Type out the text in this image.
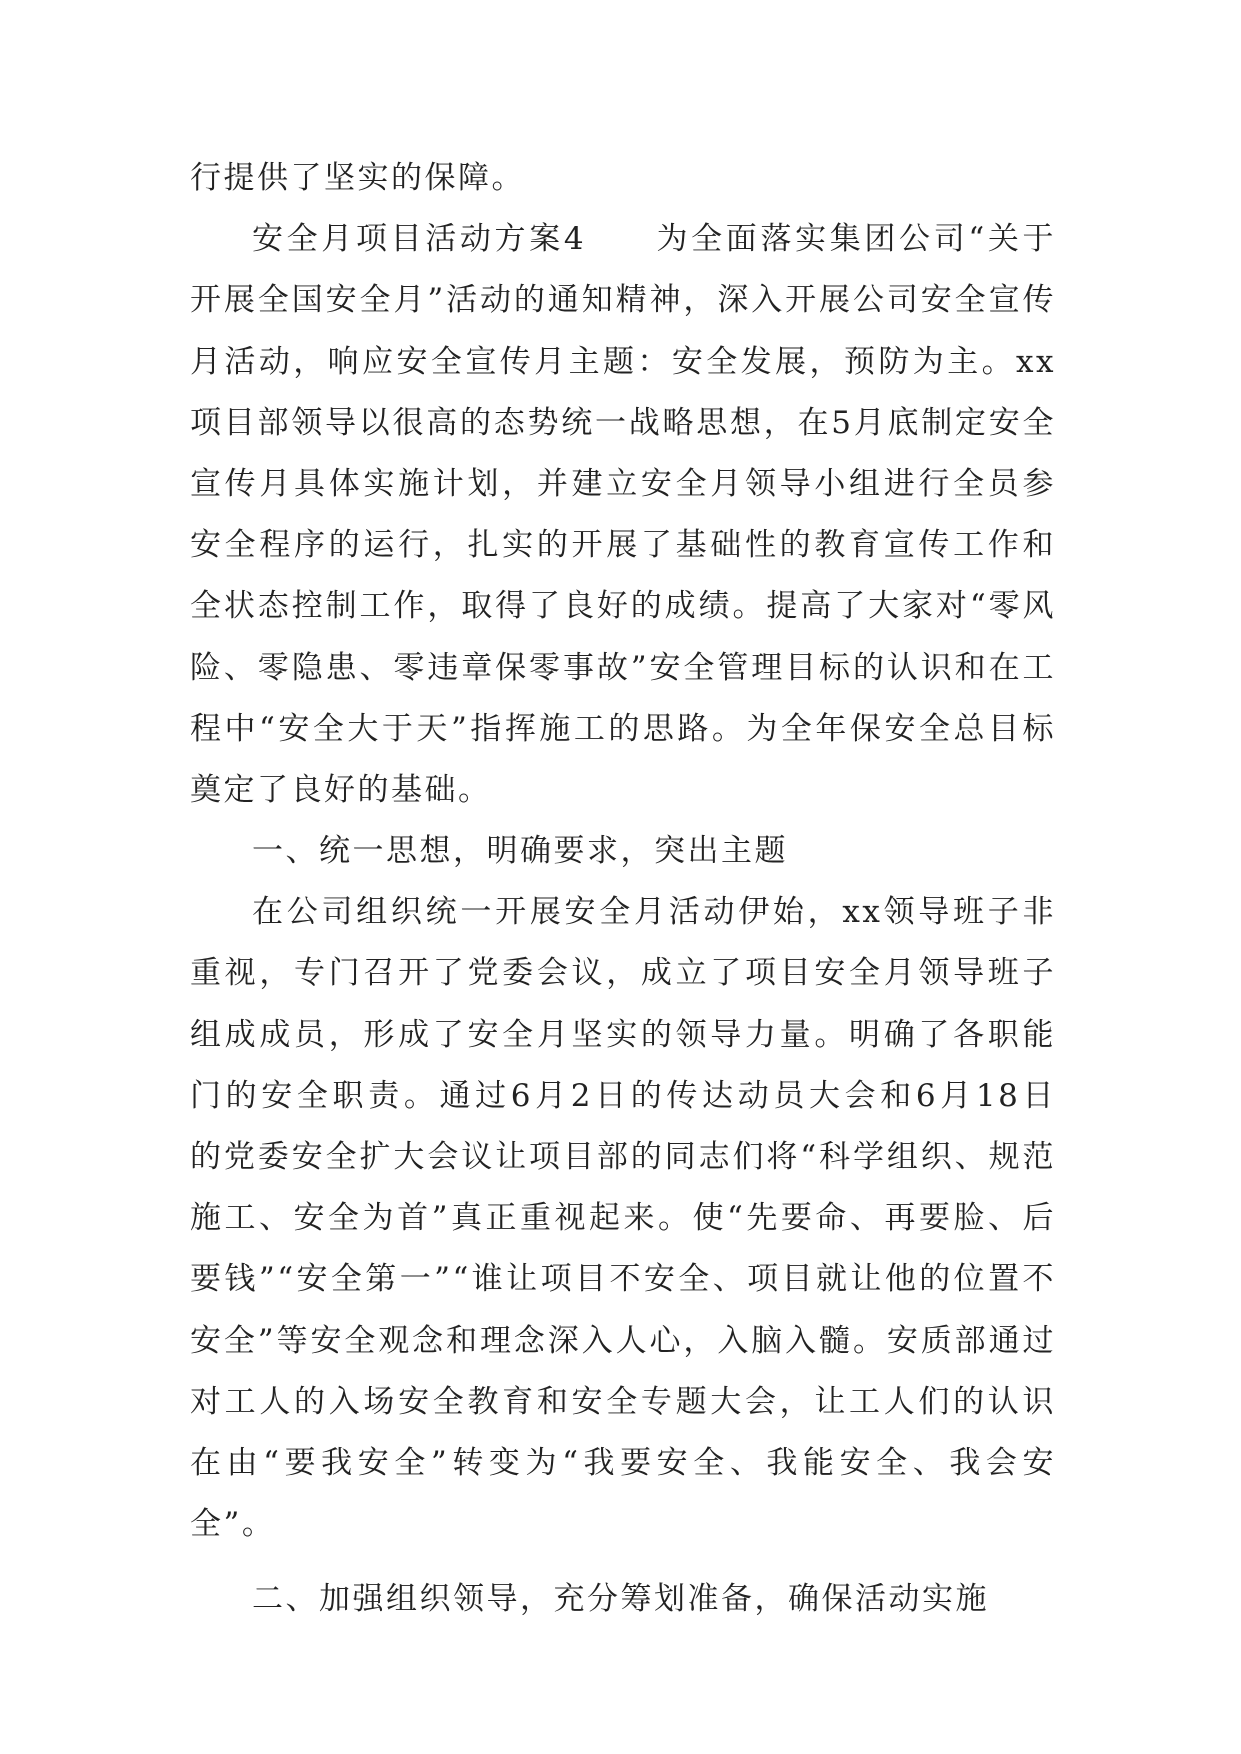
行提供了坚实的保障。
安全月项目活动方案4　　为全面落实集团公司“关于
开展全国安全月”活动的通知精神，深入开展公司安全宣传
月活动，响应安全宣传月主题：安全发展，预防为主。xx
项目部领导以很高的态势统一战略思想，在5月底制定安全
宣传月具体实施计划，并建立安全月领导小组进行全员参
安全程序的运行，扎实的开展了基础性的教育宣传工作和
全状态控制工作，取得了良好的成绩。提高了大家对“零风
险、零隐患、零违章保零事故”安全管理目标的认识和在工
程中“安全大于天”指挥施工的思路。为全年保安全总目标
奠定了良好的基础。
一、统一思想，明确要求，突出主题
在公司组织统一开展安全月活动伊始，xx领导班子非
重视，专门召开了党委会议，成立了项目安全月领导班子
组成成员，形成了安全月坚实的领导力量。明确了各职能
门的安全职责。通过6月2日的传达动员大会和6月18日
的党委安全扩大会议让项目部的同志们将“科学组织、规范
施工、安全为首”真正重视起来。使“先要命、再要脸、后
要钱”“安全第一”“谁让项目不安全、项目就让他的位置不
安全”等安全观念和理念深入人心，入脑入髓。安质部通过
对工人的入场安全教育和安全专题大会，让工人们的认识
在由“要我安全”转变为“我要安全、我能安全、我会安
全”。
二、加强组织领导，充分筹划准备，确保活动实施
